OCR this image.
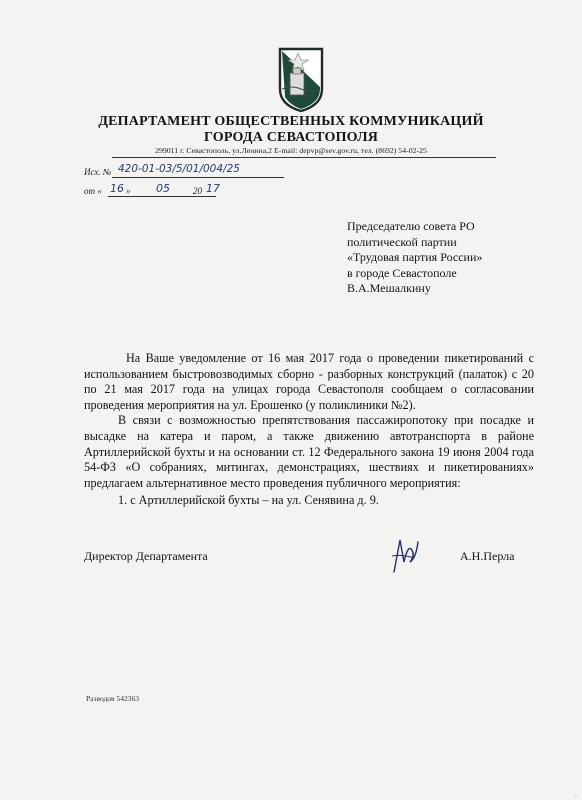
ДЕПАРТАМЕНТ ОБЩЕСТВЕННЫХ КОММУНИКАЦИЙ
ГОРОДА СЕВАСТОПОЛЯ
299011 г. Севастополь, ул.Ленина,2 E-mail: depvp@sev.gov.ru, тел. (8692) 54-02-25
Исх. № 420-01-03/5/01/004/25
от « 16 » 05	20 17
Председателю совета РО
политической партии
«Трудовая партия России»
в городе Севастополе
В.А.Мешалкину

На Ваше уведомление от 16 мая 2017 года о проведении пикетирований с использованием быстровозводимых сборно - разборных конструкций (палаток) с 20 по 21 мая 2017 года на улицах города Севастополя сообщаем о согласовании проведения мероприятия на ул. Ерошенко (у поликлиники №2).

В связи с возможностью препятствования пассажиропотоку при посадке и высадке на катера и паром, а также движению автотранспорта в районе Артиллерийской бухты и на основании ст. 12 Федерального закона 19 июня 2004 года 54-ФЗ «О собраниях, митингах, демонстрациях, шествиях и пикетированиях» предлагаем альтернативное место проведения публичного мероприятия:

1. с Артиллерийской бухты – на ул. Сенявина д. 9.

Директор Департамента	А.Н.Перла
Разводов 542363
..
